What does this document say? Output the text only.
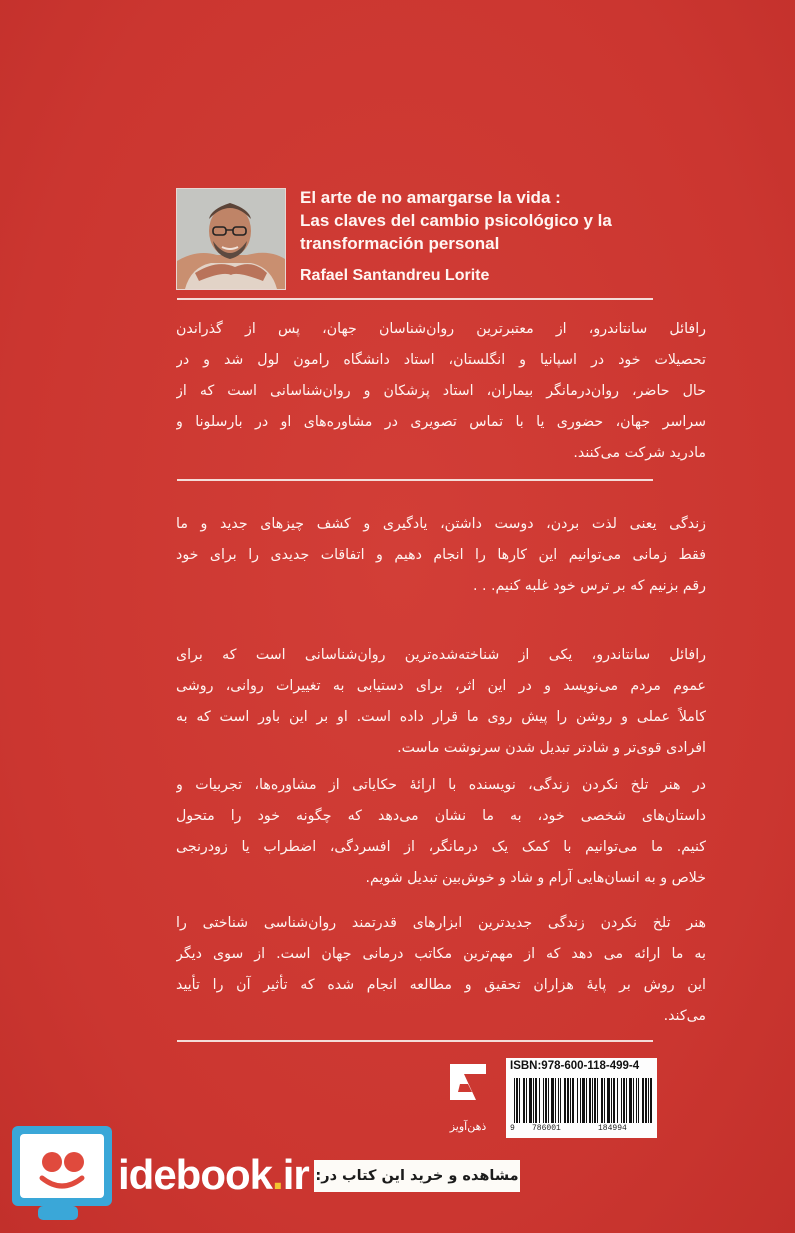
El arte de no amargarse la vida :
Las claves del cambio psicológico y la
transformación personal
Rafael Santandreu Lorite
رافائل سانتاندرو، از معتبرترین روان‌شناسان جهان، پس از گذراندن
تحصیلات خود در اسپانیا و انگلستان، استاد دانشگاه رامون لول شد و در
حال حاضر، روان‌درمانگر بیماران، استاد پزشکان و روان‌شناسانی است که از
سراسر جهان، حضوری یا با تماس تصویری در مشاوره‌های او در بارسلونا و
مادرید شرکت می‌کنند.
زندگی یعنی لذت بردن، دوست داشتن، یادگیری و کشف چیزهای جدید و ما
فقط زمانی می‌توانیم این کارها را انجام دهیم و اتفاقات جدیدی را برای خود
رقم بزنیم که بر ترس خود غلبه کنیم. . .
رافائل سانتاندرو، یکی از شناخته‌شده‌ترین روان‌شناسانی است که برای
عموم مردم می‌نویسد و در این اثر، برای دستیابی به تغییرات روانی، روشی
کاملاً عملی و روشن را پیش روی ما قرار داده است. او بر این باور است که به
افرادی قوی‌تر و شادتر تبدیل شدن سرنوشت ماست.
در هنر تلخ نکردن زندگی، نویسنده با ارائهٔ حکایاتی از مشاوره‌ها، تجربیات و
داستان‌های شخصی خود، به ما نشان می‌دهد که چگونه خود را متحول
کنیم. ما می‌توانیم با کمک یک درمانگر، از افسردگی، اضطراب یا زودرنجی
خلاص و به انسان‌هایی آرام و شاد و خوش‌بین تبدیل شویم.
هنر تلخ نکردن زندگی جدیدترین ابزارهای قدرتمند روان‌شناسی شناختی را
به ما ارائه می دهد که از مهم‌ترین مکاتب درمانی جهان است. از سوی دیگر
این روش بر پایهٔ هزاران تحقیق و مطالعه انجام شده که تأثیر آن را تأیید
می‌کند.
ذهن‌آویز
ISBN:978-600-118-499-4
9 786001	184994
idebook.ir مشاهده و خرید این کتاب در:
